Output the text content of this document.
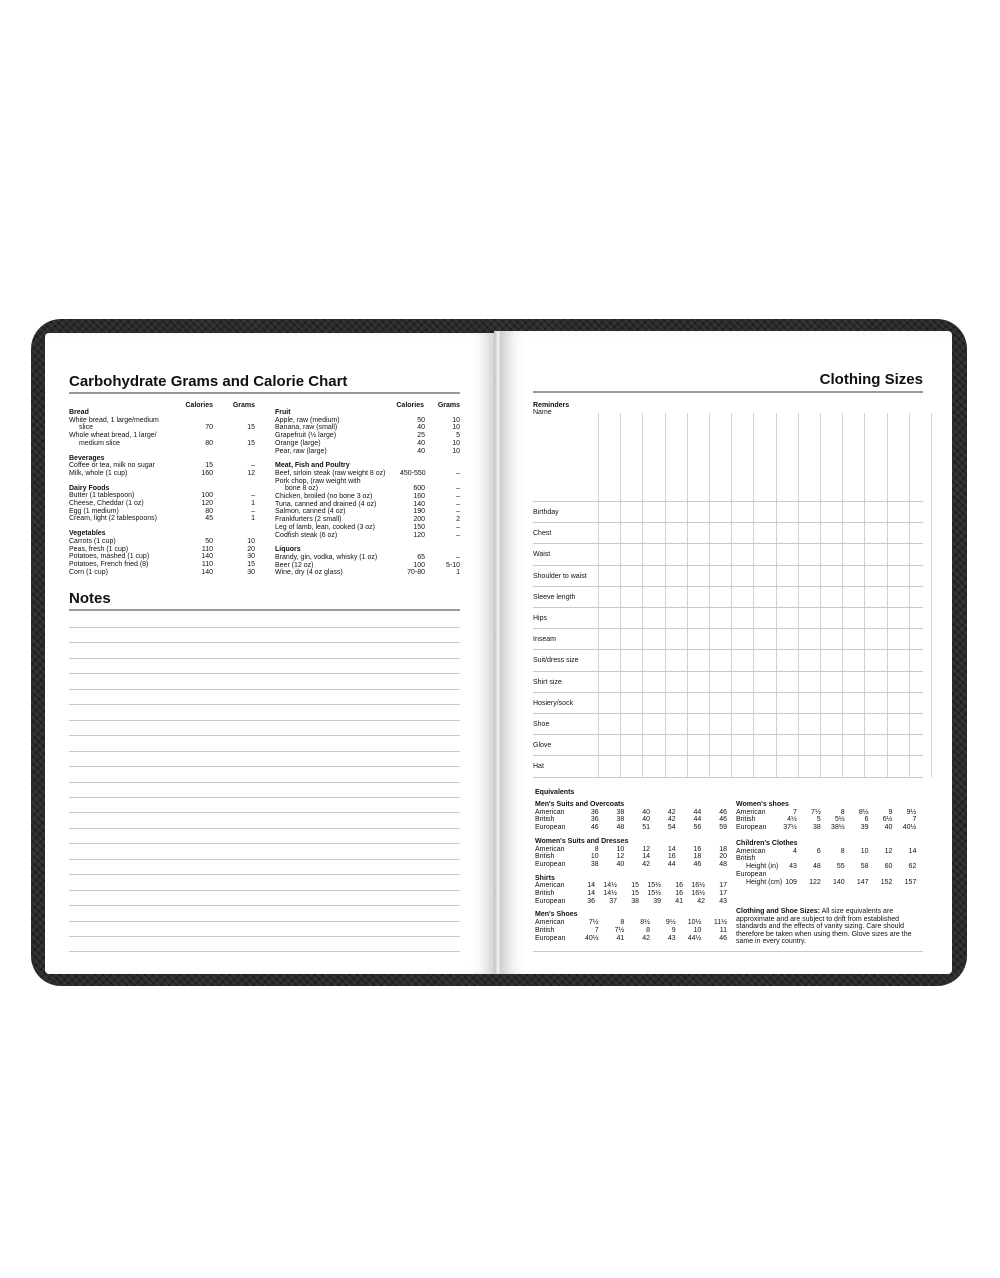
Carbohydrate Grams and Calorie Chart
Calories	Grams	Calories	Grams
Bread
White bread, 1 large/medium
slice	70	15
Whole wheat bread, 1 large/
medium slice	80	15
Beverages
Coffee or tea, milk no sugar	15	–
Milk, whole (1 cup)	160	12
Dairy Foods
Butter (1 tablespoon)	100	–
Cheese, Cheddar (1 oz)	120	1
Egg (1 medium)	80	–
Cream, light (2 tablespoons)	45	1
Vegetables
Carrots (1 cup)	50	10
Peas, fresh (1 cup)	110	20
Potatoes, mashed (1 cup)	140	30
Potatoes, French fried (8)	110	15
Corn (1 cup)	140	30
Fruit
Apple, raw (medium)	50	10
Banana, raw (small)	40	10
Grapefruit (½ large)	25	5
Orange (large)	40	10
Pear, raw (large)	40	10
Meat, Fish and Poultry
Beef, sirloin steak (raw weight 8 oz)	450-550	–
Pork chop, (raw weight with
bone 8 oz)	600	–
Chicken, broiled (no bone 3 oz)	160	–
Tuna, canned and drained (4 oz)	140	–
Salmon, canned (4 oz)	190	–
Frankfurters (2 small)	200	2
Leg of lamb, lean, cooked (3 oz)	150	–
Codfish steak (6 oz)	120	–
Liquors
Brandy, gin, vodka, whisky (1 oz)	65	–
Beer (12 oz)	100	5-10
Wine, dry (4 oz glass)	70-80	1
Notes
Clothing Sizes
Reminders
Name
Birthday
Chest
Waist
Shoulder to waist
Sleeve length
Hips
Inseam
Suit/dress size
Shirt size
Hosiery/sock
Shoe
Glove
Hat
Equivalents
Men's Suits and Overcoats
American	36	38	40	42	44	46
British	36	38	40	42	44	46
European	46	48	51	54	56	59
Women's Suits and Dresses
American	8	10	12	14	16	18
British	10	12	14	16	18	20
European	38	40	42	44	46	48
Shirts
American	14	14½	15	15½	16	16½	17
British	14	14½	15	15½	16	16½	17
European	36	37	38	39	41	42	43
Men's Shoes
American	7½	8	8½	9½	10½	11½
British	7	7½	8	9	10	11
European	40½	41	42	43	44½	46
Women's shoes
American	7	7½	8	8½	9	9½
British	4½	5	5½	6	6½	7
European	37½	38	38½	39	40	40½
Children's Clothes
American	4	6	8	10	12	14
British
Height (in)	43	48	55	58	60	62
European
Height (cm) 109	122	140	147	152	157
Clothing and Shoe Sizes: All size equivalents are
approximate and are subject to drift from established
standards and the effects of vanity sizing. Care should
therefore be taken when using them. Glove sizes are the
same in every country.
